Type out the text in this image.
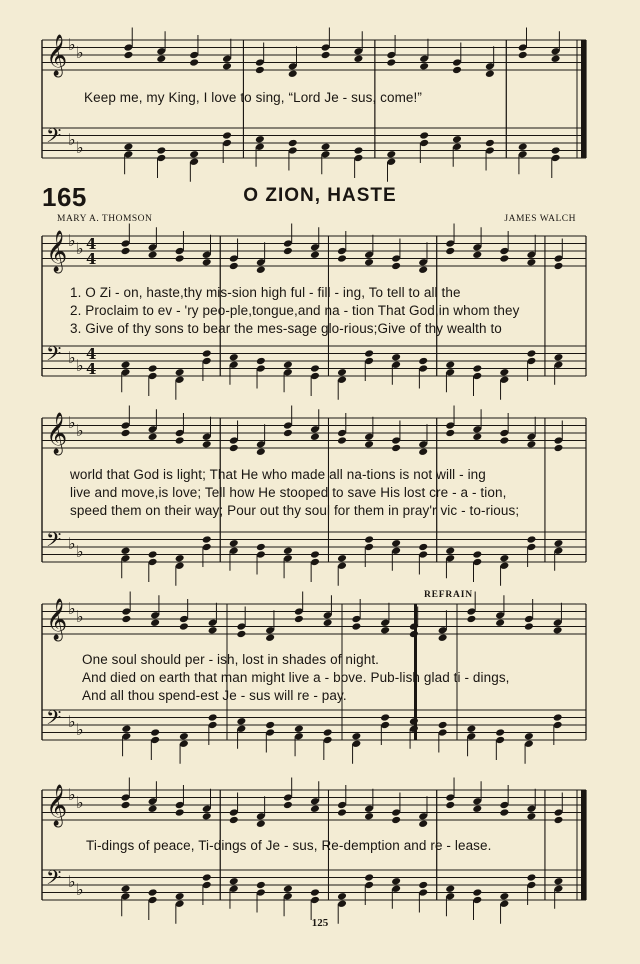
𝄞 ♭ ♭
𝄢 ♭ ♭
Keep me, my King, I love to sing, “Lord Je - sus, come!”
165	O ZION, HASTE
MARY A. THOMSON	JAMES WALCH
𝄞 ♭ ♭
𝄢 ♭ ♭
4
4
4
4
1. O Zi - on, haste,thy mis-sion high ful - fill - ing, To tell to all the
2. Proclaim to ev - 'ry peo-ple,tongue,and na - tion That God,in whom they
3. Give of thy sons to bear the mes-sage glo-rious;Give of thy wealth to
𝄞 ♭ ♭
𝄢 ♭ ♭
world that God is light; That He who made all na-tions is not will - ing
live and move,is love; Tell how He stooped to save His lost cre - a - tion,
speed them on their way; Pour out thy soul for them in pray'r vic - to-rious;
REFRAIN
𝄞 ♭ ♭
𝄢 ♭ ♭
One soul should per - ish, lost in shades of night.
And died on earth that man might live a - bove. Pub-lish glad ti - dings,
And all thou spend-est Je - sus will re - pay.
𝄞 ♭ ♭
𝄢 ♭ ♭
Ti-dings of peace, Ti-dings of Je - sus, Re-demption and re - lease.
125
